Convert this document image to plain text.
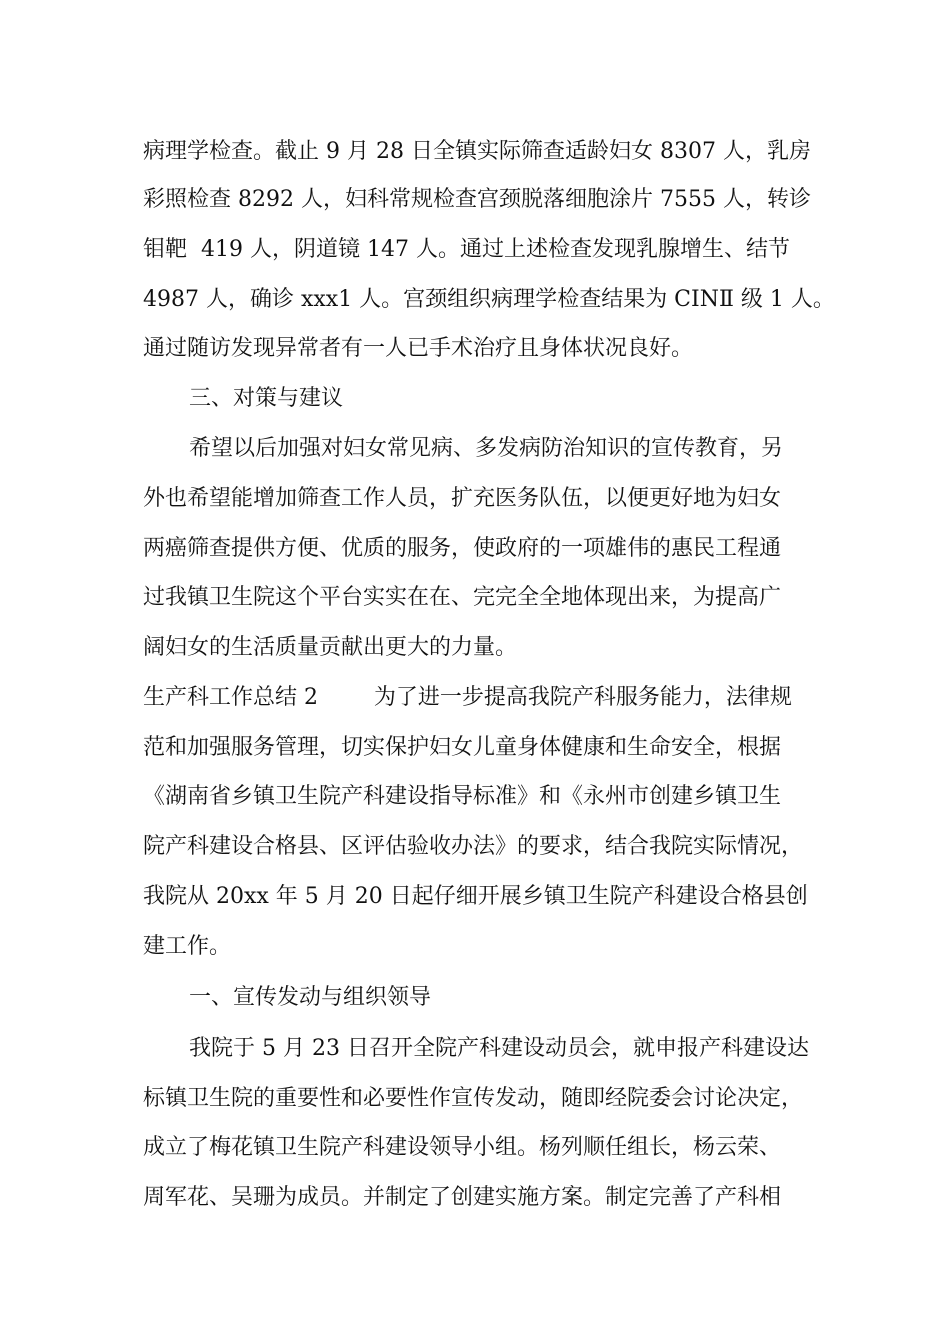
病理学检查。截止 9 月 28 日全镇实际筛查适龄妇女 8307 人，乳房
彩照检查 8292 人，妇科常规检查宫颈脱落细胞涂片 7555 人，转诊
钼靶  419 人，阴道镜 147 人。通过上述检查发现乳腺增生、结节
4987 人，确诊 xxx1 人。宫颈组织病理学检查结果为 CINⅡ 级 1 人。
通过随访发现异常者有一人已手术治疗且身体状况良好。
三、对策与建议
希望以后加强对妇女常见病、多发病防治知识的宣传教育，另
外也希望能增加筛查工作人员，扩充医务队伍，以便更好地为妇女
两癌筛查提供方便、优质的服务，使政府的一项雄伟的惠民工程通
过我镇卫生院这个平台实实在在、完完全全地体现出来，为提高广
阔妇女的生活质量贡献出更大的力量。
生产科工作总结 2        为了进一步提高我院产科服务能力，法律规
范和加强服务管理，切实保护妇女儿童身体健康和生命安全，根据
《湖南省乡镇卫生院产科建设指导标准》和《永州市创建乡镇卫生
院产科建设合格县、区评估验收办法》的要求，结合我院实际情况，
我院从 20xx 年 5 月 20 日起仔细开展乡镇卫生院产科建设合格县创
建工作。
一、宣传发动与组织领导
我院于 5 月 23 日召开全院产科建设动员会，就申报产科建设达
标镇卫生院的重要性和必要性作宣传发动，随即经院委会讨论决定，
成立了梅花镇卫生院产科建设领导小组。杨列顺任组长，杨云荣、
周军花、吴珊为成员。并制定了创建实施方案。制定完善了产科相
